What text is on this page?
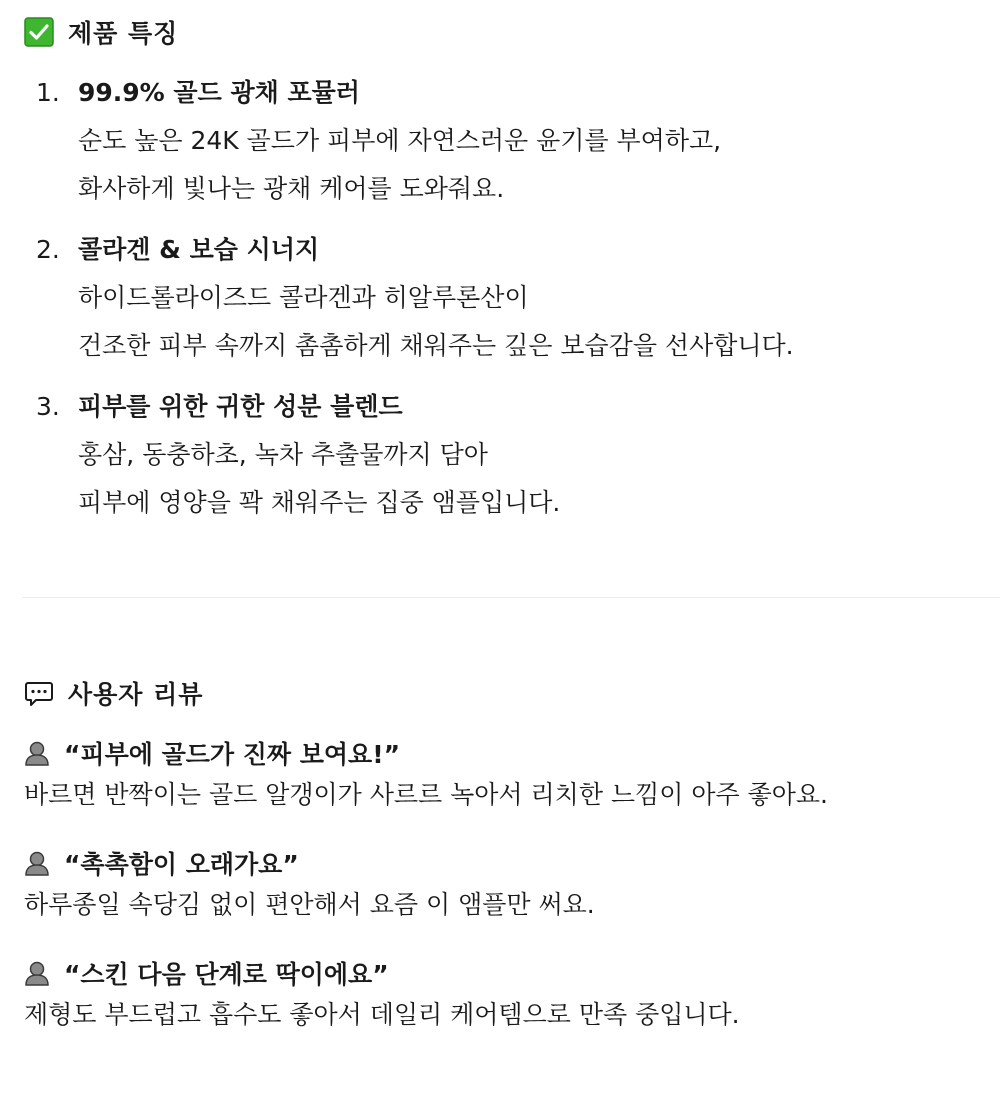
제품 특징
1. 99.9% 골드 광채 포뮬러
순도 높은 24K 골드가 피부에 자연스러운 윤기를 부여하고,
화사하게 빛나는 광채 케어를 도와줘요.
2. 콜라겐 & 보습 시너지
하이드롤라이즈드 콜라겐과 히알루론산이
건조한 피부 속까지 촘촘하게 채워주는 깊은 보습감을 선사합니다.
3. 피부를 위한 귀한 성분 블렌드
홍삼, 동충하초, 녹차 추출물까지 담아
피부에 영양을 꽉 채워주는 집중 앰플입니다.
사용자 리뷰
“피부에 골드가 진짜 보여요!”
바르면 반짝이는 골드 알갱이가 사르르 녹아서 리치한 느낌이 아주 좋아요.
“촉촉함이 오래가요”
하루종일 속당김 없이 편안해서 요즘 이 앰플만 써요.
“스킨 다음 단계로 딱이에요”
제형도 부드럽고 흡수도 좋아서 데일리 케어템으로 만족 중입니다.
